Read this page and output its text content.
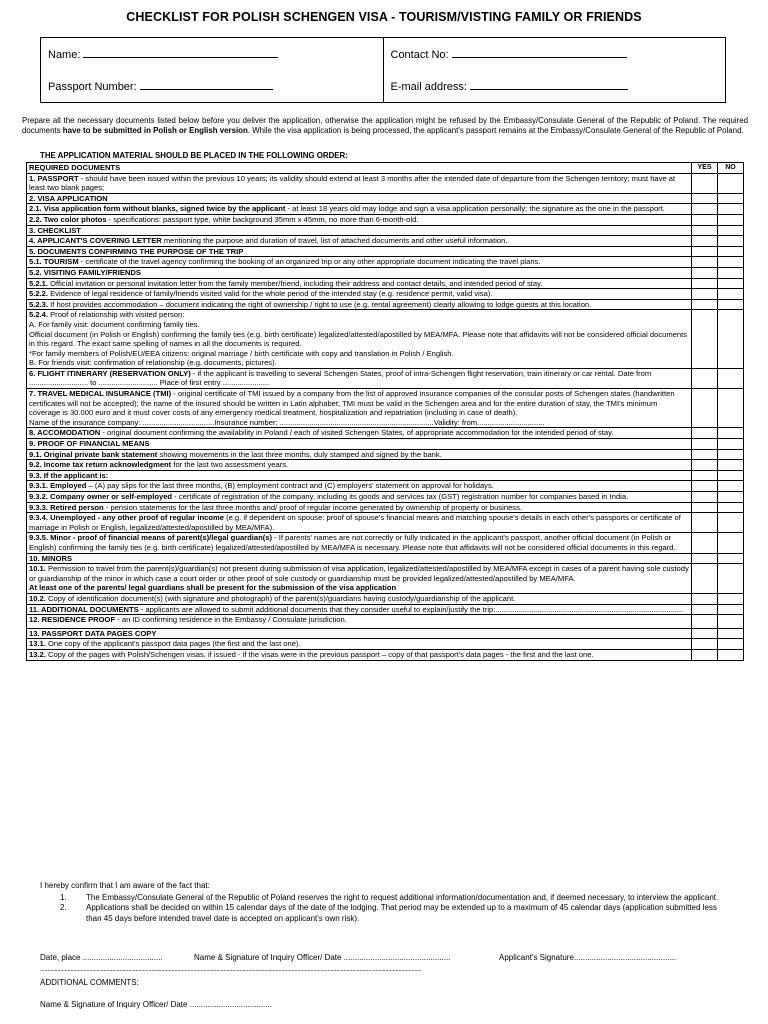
CHECKLIST FOR POLISH SCHENGEN VISA - TOURISM/VISTING FAMILY OR FRIENDS
Name:
Passport Number:
Contact No:
E-mail address:
Prepare all the necessary documents listed below before you deliver the application, otherwise the application might be refused by the Embassy/Consulate General of the Republic of Poland. The required documents have to be submitted in Polish or English version. While the visa application is being processed, the applicant's passport remains at the Embassy/Consulate General of the Republic of Poland.
THE APPLICATION MATERIAL SHOULD BE PLACED IN THE FOLLOWING ORDER:
REQUIRED DOCUMENTS	YES	NO
1. PASSPORT - should have been issued within the previous 10 years; its validity should extend at least 3 months after the intended date of departure from the Schengen territory; must have at least two blank pages;		
2. VISA APPLICATION		
2.1. Visa application form without blanks, signed twice by the applicant - at least 18 years old may lodge and sign a visa application personally; the signature as the one in the passport.		
2.2. Two color photos - specifications: passport type, white background 35mm x 45mm, no more than 6-month-old.		
3. CHECKLIST		
4. APPLICANT'S COVERING LETTER mentioning the purpose and duration of travel, list of attached documents and other useful information.		
5. DOCUMENTS CONFIRMING THE PURPOSE OF THE TRIP		
5.1. TOURISM - certificate of the travel agency confirming the booking of an organized trip or any other appropriate document indicating the travel plans.		
5.2. VISITING FAMILY/FRIENDS		
5.2.1. Official invitation or personal invitation letter from the family member/friend, including their address and contact details, and intended period of stay.		
5.2.2. Evidence of legal residence of family/friends visited valid for the whole period of the intended stay (e.g. residence permit, valid visa).		
5.2.3. If host provides accommodation – document indicating the right of ownership / right to use (e.g. rental agreement) clearly allowing to lodge guests at this location.		
5.2.4. Proof of relationship with visited person:
A. For family visit: document confirming family ties.
Official document (in Polish or English) confirming the family ties (e.g. birth certificate) legalized/attested/apostilled by MEA/MFA. Please note that affidavits will not be considered official documents in this regard. The exact same spelling of names in all the documents is required.
*For family members of Polish/EU/EEA citizens: original marriage / birth certificate with copy and translation in Polish / English.
B. For friends visit: confirmation of relationship (e.g. documents, pictures).		
6. FLIGHT ITINERARY (RESERVATION ONLY) - if the applicant is travelling to several Schengen States, proof of intra-Schengen flight reservation, train itinerary or car rental. Date from ............................ to ............................ Place of first entry ......................		
7. TRAVEL MEDICAL INSURANCE (TMI) - original certificate of TMI issued by a company from the list of approved insurance companies of the consular posts of Schengen states (handwritten certificates will not be accepted); the name of the insured should be written in Latin alphabet; TMI must be valid in the Schengen area and for the entire duration of stay, the TMI's minimum coverage is 30.000 euro and it must cover costs of any emergency medical treatment, hospitalization and repatriation (including in case of death).
Name of the insurance company: ..................................Insurance number: .........................................................................Validity: from................................		
8. ACCOMODATION - original document confirming the availability in Poland / each of visited Schengen States, of appropriate accommodation for the intended period of stay.		
9. PROOF OF FINANCIAL MEANS		
9.1. Original private bank statement showing movements in the last three months, duly stamped and signed by the bank.		
9.2. Income tax return acknowledgment for the last two assessment years.		
9.3. If the applicant is:		
9.3.1. Employed – (A) pay slips for the last three months, (B) employment contract and (C) employers' statement on approval for holidays.		
9.3.2. Company owner or self-employed - certificate of registration of the company, including its goods and services tax (GST) registration number for companies based in India.		
9.3.3. Retired person - pension statements for the last three months and/ proof of regular income generated by ownership of property or business.		
9.3.4. Unemployed - any other proof of regular income (e.g. if dependent on spouse: proof of spouse's financial means and matching spouse's details in each other's passports or certificate of marriage in Polish or English, legalized/attested/apostilled by MEA/MFA).		
9.3.5. Minor - proof of financial means of parent(s)/legal guardian(s) - If parents' names are not correctly or fully indicated in the applicant's passport, another official document (in Polish or English) confirming the family ties (e.g. birth certificate) legalized/attested/apostilled by MEA/MFA is necessary. Please note that affidavits will not be considered official documents in this regard.		
10. MINORS		
10.1. Permission to travel from the parent(s)/guardian(s) not present during submission of visa application, legalized/attested/apostilled by MEA/MFA except in cases of a parent having sole custody or guardianship of the minor in which case a court order or other proof of sole custody or guardianship must be provided legalized/attested/apostilled by MEA/MFA.
At least one of the parents/ legal guardians shall be present for the submission of the visa application		
10.2. Copy of identification document(s) (with signature and photograph) of the parent(s)/guardians having custody/guardianship of the applicant.		
11. ADDITIONAL DOCUMENTS - applicants are allowed to submit additional documents that they consider useful to explain/justify the trip:.........................................................................................		
12. RESIDENCE PROOF - an ID confirming residence in the Embassy / Consulate jurisdiction.		
13. PASSPORT DATA PAGES COPY		
13.1. One copy of the applicant's passport data pages (the first and the last one).		
13.2. Copy of the pages with Polish/Schengen visas, if issued - if the visas were in the previous passport – copy of that passport's data pages - the first and the last one.		
I hereby confirm that I am aware of the fact that:
1.	The Embassy/Consulate General of the Republic of Poland reserves the right to request additional information/documentation and, if deemed necessary, to interview the applicant.
2.	Applications shall be decided on within 15 calendar days of the date of the lodging. That period may be extended up to a maximum of 45 calendar days (application submitted less than 45 days before intended travel date is accepted on applicant's own risk).
Date, place ....................................	Name & Signature of Inquiry Officer/ Date ................................................	Applicant's Signature..............................................
........................................................................................................................................................................................................................................................................
ADDITIONAL COMMENTS:
Name & Signature of Inquiry Officer/ Date .....................................
